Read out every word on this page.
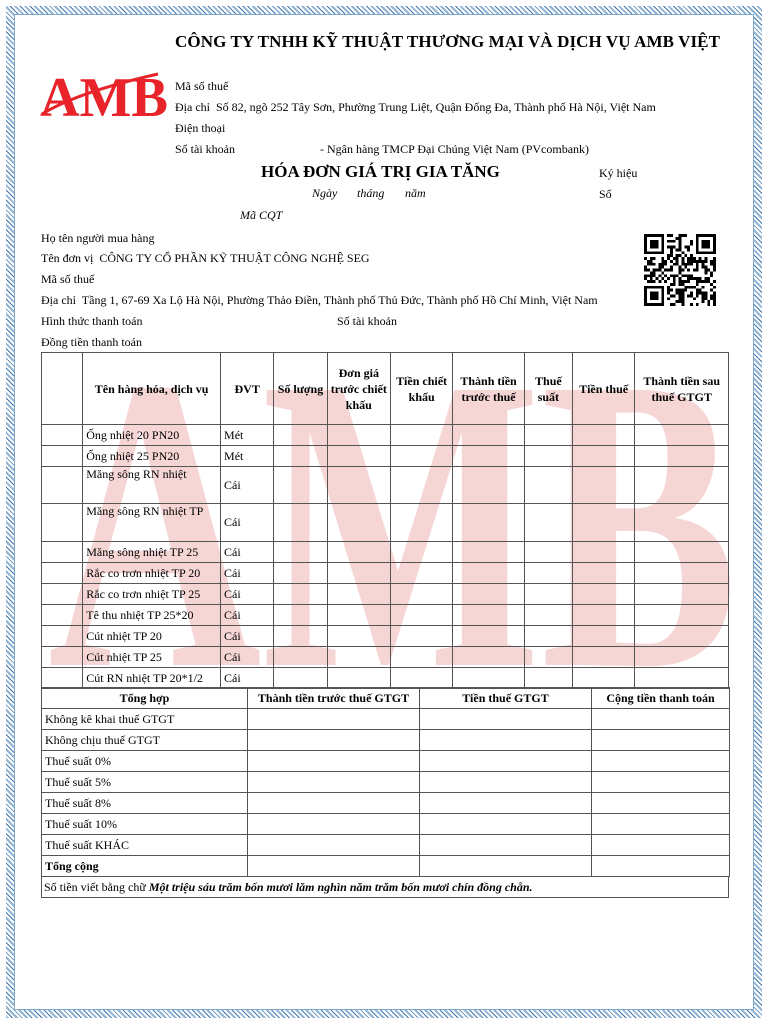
AMB
CÔNG TY TNHH KỸ THUẬT THƯƠNG MẠI VÀ DỊCH VỤ AMB VIỆT
AMB Mã số thuế
Địa chỉ Số 82, ngõ 252 Tây Sơn, Phường Trung Liệt, Quận Đống Đa, Thành phố Hà Nội, Việt Nam
Điện thoại
Số tài khoản	- Ngân hàng TMCP Đại Chúng Việt Nam (PVcombank)
HÓA ĐƠN GIÁ TRỊ GIA TĂNG	Ký hiệu
Số
Ngày tháng năm
Mã CQT
Họ tên người mua hàng
Tên đơn vị CÔNG TY CỔ PHẦN KỸ THUẬT CÔNG NGHỆ SEG
Mã số thuế
Địa chỉ Tầng 1, 67-69 Xa Lộ Hà Nội, Phường Thảo Điền, Thành phố Thủ Đức, Thành phố Hồ Chí Minh, Việt Nam
Hình thức thanh toán	Số tài khoản
Đồng tiền thanh toán
	Tên hàng hóa, dịch vụ	ĐVT	Số lượng	Đơn giá trước chiết khấu	Tiền chiết khấu	Thành tiền trước thuế	Thuế suất	Tiền thuế	Thành tiền sau thuế GTGT
	Ống nhiệt 20 PN20	Mét							
	Ống nhiệt 25 PN20	Mét							
	Măng sông RN nhiệt	Cái							
	Măng sông RN nhiệt TP	Cái							
	Măng sông nhiệt TP 25	Cái							
	Rắc co trơn nhiệt TP 20	Cái							
	Rắc co trơn nhiệt TP 25	Cái							
	Tê thu nhiệt TP 25*20	Cái							
	Cút nhiệt TP 20	Cái							
	Cút nhiệt TP 25	Cái							
	Cút RN nhiệt TP 20*1/2	Cái							
Tổng hợp	Thành tiền trước thuế GTGT	Tiền thuế GTGT	Cộng tiền thanh toán
Không kê khai thuế GTGT			
Không chịu thuế GTGT			
Thuế suất 0%			
Thuế suất 5%			
Thuế suất 8%			
Thuế suất 10%			
Thuế suất KHÁC			
Tổng cộng			
Số tiền viết bằng chữ Một triệu sáu trăm bốn mươi lăm nghìn năm trăm bốn mươi chín đồng chẵn.
